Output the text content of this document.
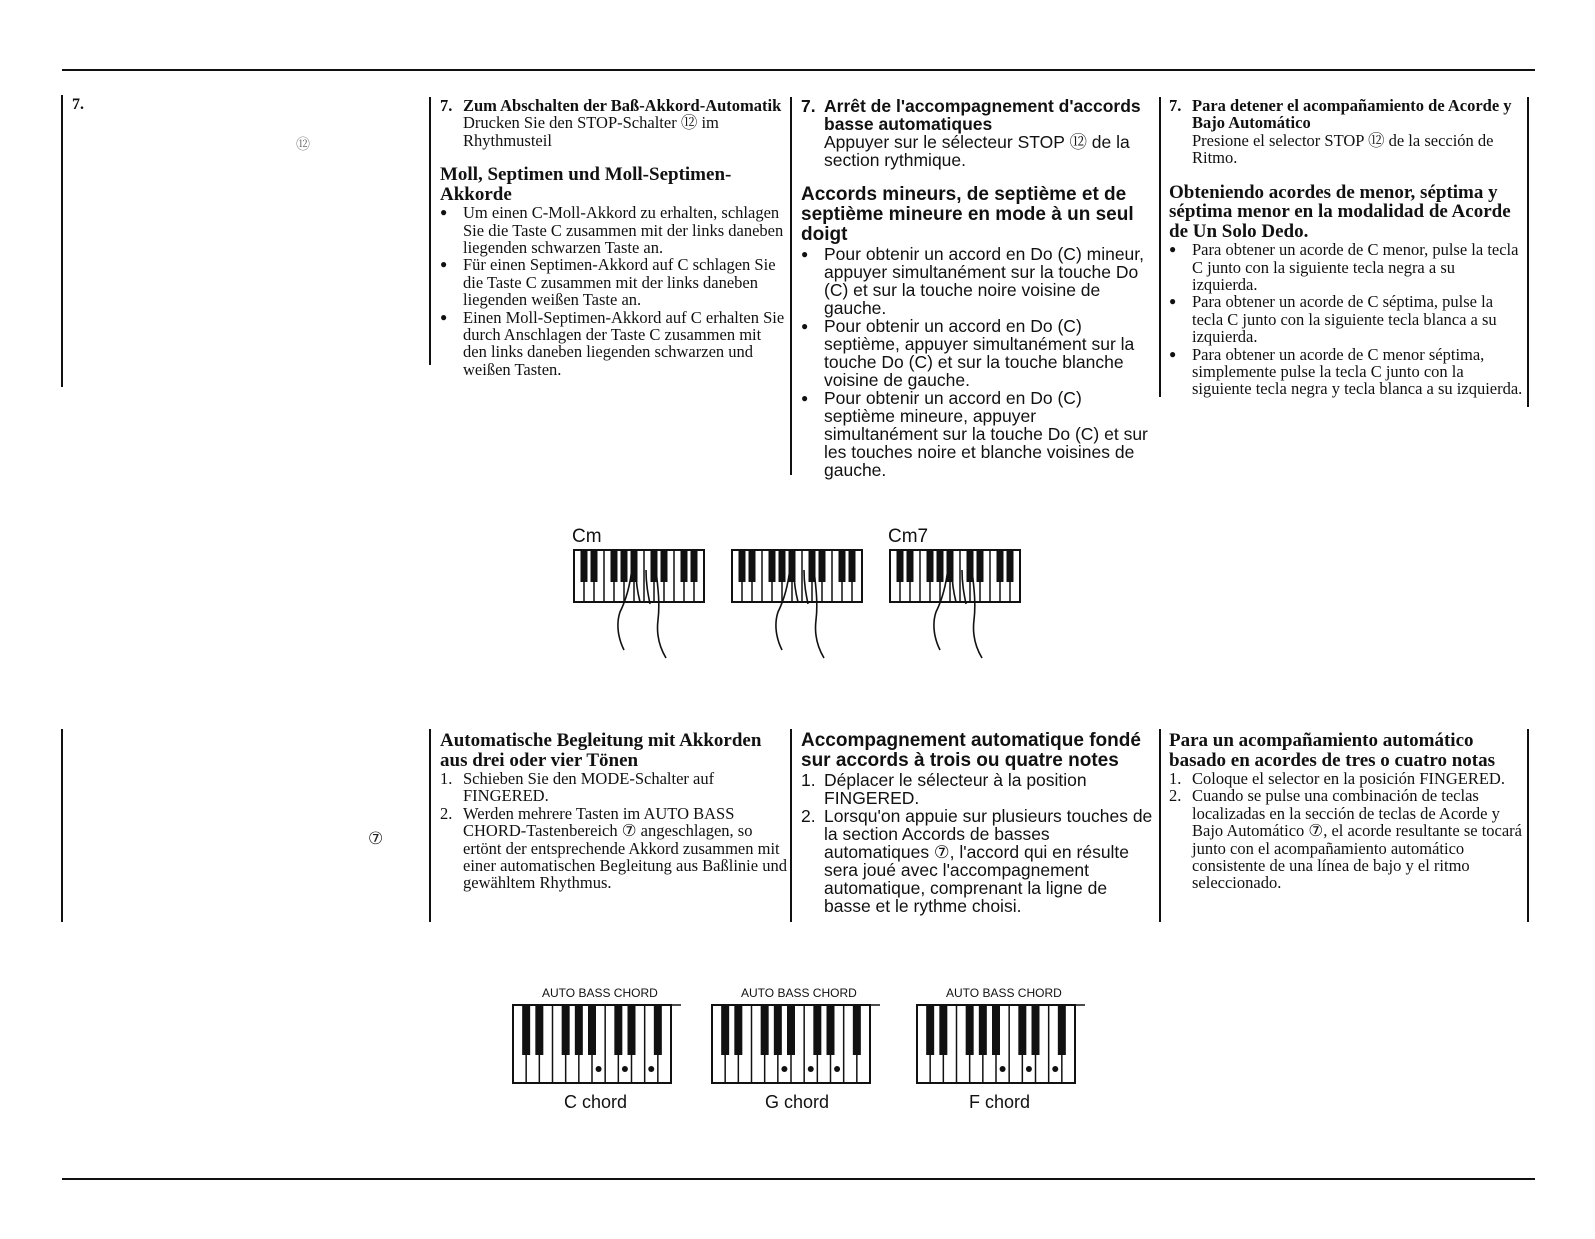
7.
⑫
⑦
7. Zum Abschalten der Baß-Akkord-Automatik
Drucken Sie den STOP-Schalter ⑫ im Rhythmusteil
Moll, Septimen und Moll-Septimen-Akkorde
● Um einen C-Moll-Akkord zu erhalten, schlagen Sie die Taste C zusammen mit der links daneben liegenden schwarzen Taste an.
● Für einen Septimen-Akkord auf C schlagen Sie die Taste C zusammen mit der links daneben liegenden weißen Taste an.
● Einen Moll-Septimen-Akkord auf C erhalten Sie durch Anschlagen der Taste C zusammen mit den links daneben liegenden schwarzen und weißen Tasten.
7. Arrêt de l'accompagnement d'accords basse automatiques
Appuyer sur le sélecteur STOP ⑫ de la section rythmique.
Accords mineurs, de septième et de septième mineure en mode à un seul doigt
● Pour obtenir un accord en Do (C) mineur, appuyer simultanément sur la touche Do (C) et sur la touche noire voisine de gauche.
● Pour obtenir un accord en Do (C) septième, appuyer simultanément sur la touche Do (C) et sur la touche blanche voisine de gauche.
● Pour obtenir un accord en Do (C) septième mineure, appuyer simultanément sur la touche Do (C) et sur les touches noire et blanche voisines de gauche.
7. Para detener el acompañamiento de Acorde y Bajo Automático
Presione el selector STOP ⑫ de la sección de Ritmo.
Obteniendo acordes de menor, séptima y séptima menor en la modalidad de Acorde de Un Solo Dedo.
● Para obtener un acorde de C menor, pulse la tecla C junto con la siguiente tecla negra a su izquierda.
● Para obtener un acorde de C séptima, pulse la tecla C junto con la siguiente tecla blanca a su izquierda.
● Para obtener un acorde de C menor séptima, simplemente pulse la tecla C junto con la siguiente tecla negra y tecla blanca a su izquierda.
Cm	Cm7
Automatische Begleitung mit Akkorden aus drei oder vier Tönen
1. Schieben Sie den MODE-Schalter auf FINGERED.
2. Werden mehrere Tasten im AUTO BASS CHORD-Tastenbereich ⑦ angeschlagen, so ertönt der entsprechende Akkord zusammen mit einer automatischen Begleitung aus Baßlinie und gewähltem Rhythmus.
Accompagnement automatique fondé sur accords à trois ou quatre notes
1. Déplacer le sélecteur à la position FINGERED.
2. Lorsqu'on appuie sur plusieurs touches de la section Accords de basses automatiques ⑦, l'accord qui en résulte sera joué avec l'accompagnement automatique, comprenant la ligne de basse et le rythme choisi.
Para un acompañamiento automático basado en acordes de tres o cuatro notas
1. Coloque el selector en la posición FINGERED.
2. Cuando se pulse una combinación de teclas localizadas en la sección de teclas de Acorde y Bajo Automático ⑦, el acorde resultante se tocará junto con el acompañamiento automático consistente de una línea de bajo y el ritmo seleccionado.
AUTO BASS CHORD
C chord
AUTO BASS CHORD
G chord
AUTO BASS CHORD
F chord
